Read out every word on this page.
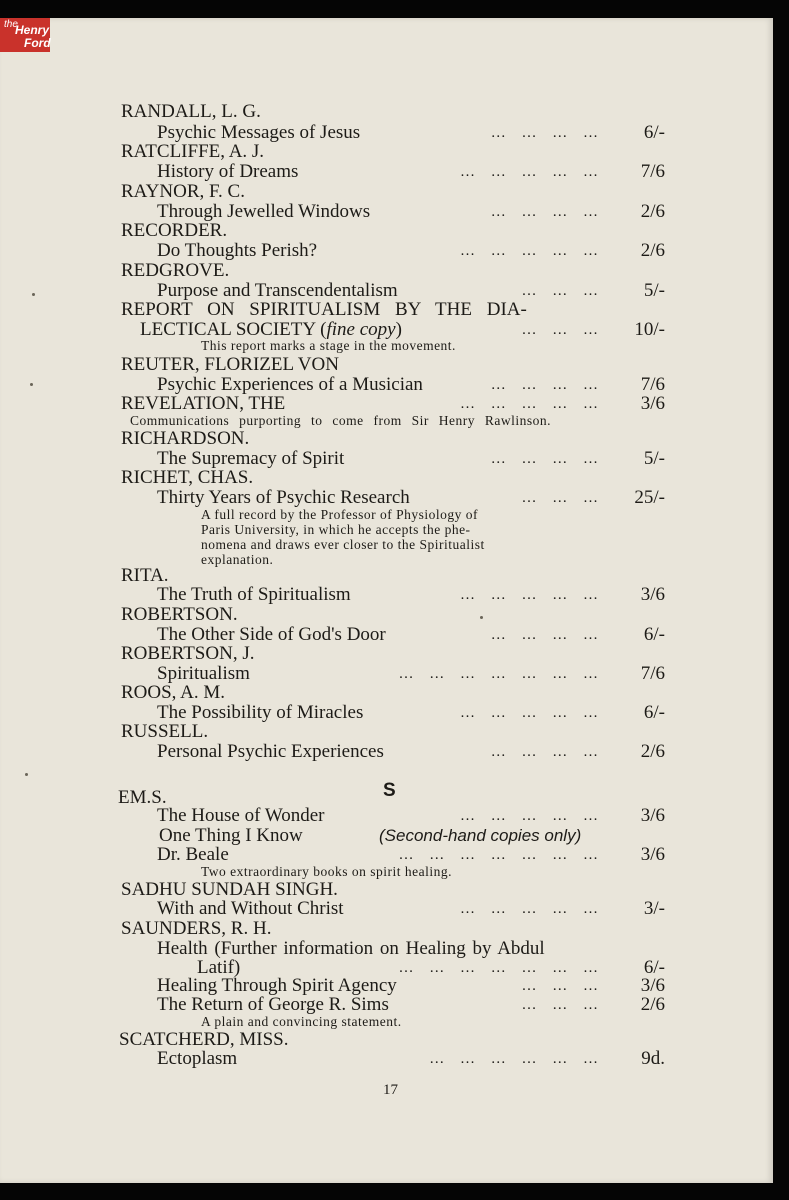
the
Henry
Ford
RANDALL, L. G.
Psychic Messages of Jesus	… … … …	6/-
RATCLIFFE, A. J.
History of Dreams	… … … … …	7/6
RAYNOR, F. C.
Through Jewelled Windows	… … … …	2/6
RECORDER.
Do Thoughts Perish?	… … … … …	2/6
REDGROVE.
Purpose and Transcendentalism	… … …	5/-
REPORT ON SPIRITUALISM BY THE DIA-
LECTICAL SOCIETY (fine copy)	… … …	10/-
This report marks a stage in the movement.
REUTER, FLORIZEL VON
Psychic Experiences of a Musician	… … … …	7/6
REVELATION, THE	… … … … …	3/6
Communications purporting to come from Sir Henry Rawlinson.
RICHARDSON.
The Supremacy of Spirit	… … … …	5/-
RICHET, CHAS.
Thirty Years of Psychic Research	… … …	25/-
A full record by the Professor of Physiology of
Paris University, in which he accepts the phe-
nomena and draws ever closer to the Spiritualist
explanation.
RITA.
The Truth of Spiritualism	… … … … …	3/6
ROBERTSON.
The Other Side of God's Door	… … … …	6/-
ROBERTSON, J.
Spiritualism	… … … … … … …	7/6
ROOS, A. M.
The Possibility of Miracles	… … … … …	6/-
RUSSELL.
Personal Psychic Experiences	… … … …	2/6
S
EM.S.
The House of Wonder	… … … … …	3/6
One Thing I Know	(Second-hand copies only)
Dr. Beale	… … … … … … …	3/6
Two extraordinary books on spirit healing.
SADHU SUNDAH SINGH.
With and Without Christ	… … … … …	3/-
SAUNDERS, R. H.
Health (Further information on Healing by Abdul
Latif)	… … … … … … …	6/-
Healing Through Spirit Agency	… … …	3/6
The Return of George R. Sims	… … …	2/6
A plain and convincing statement.
SCATCHERD, MISS.
Ectoplasm	… … … … … …	9d.
17
